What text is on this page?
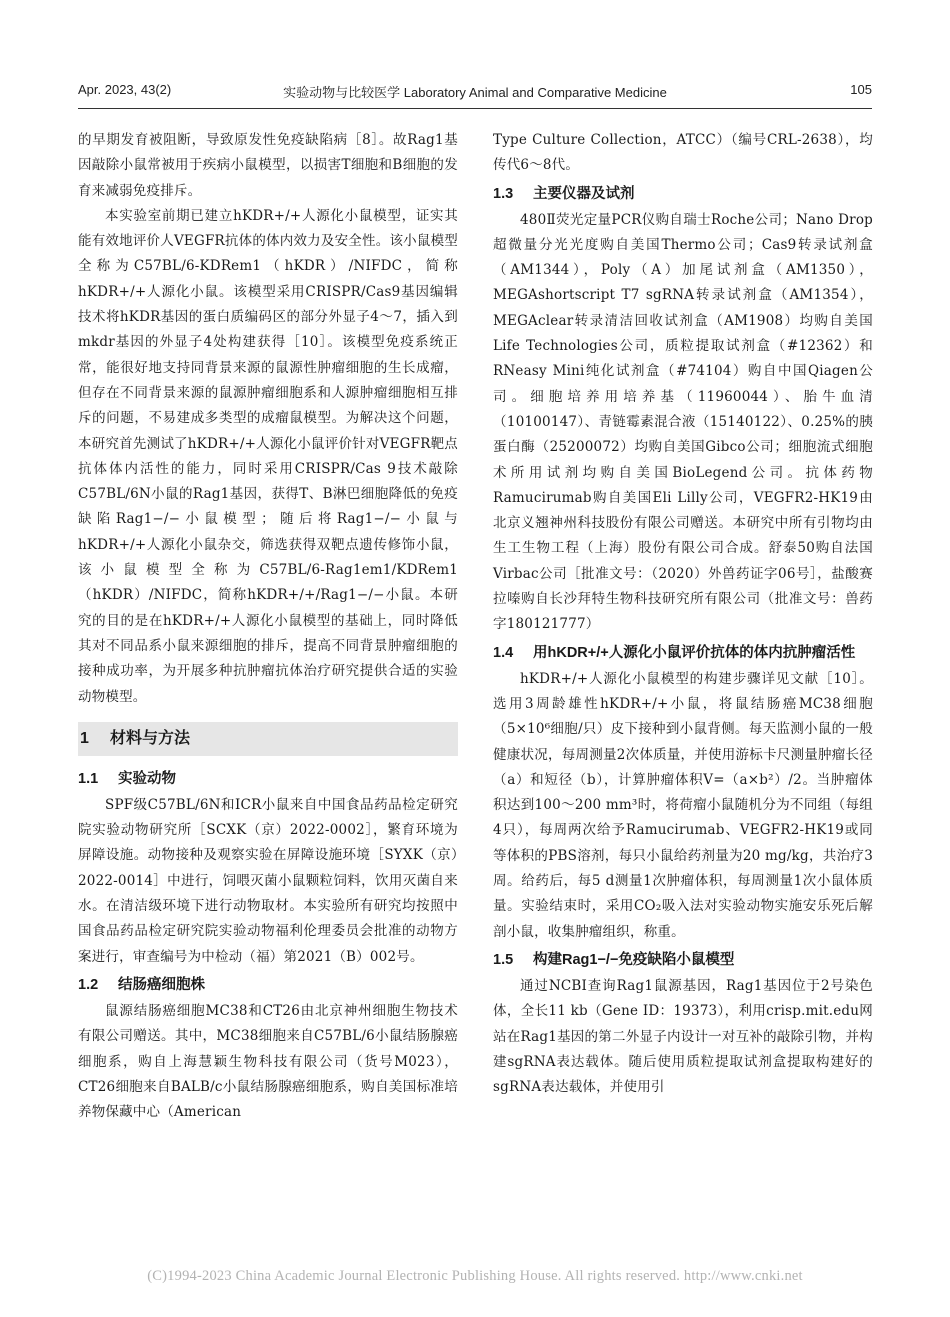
Apr. 2023, 43(2)	实验动物与比较医学 Laboratory Animal and Comparative Medicine	105

的早期发育被阻断，导致原发性免疫缺陷病［8］。故Rag1基因敲除小鼠常被用于疾病小鼠模型，以损害T细胞和B细胞的发育来减弱免疫排斥。

本实验室前期已建立hKDR+/+人源化小鼠模型，证实其能有效地评价人VEGFR抗体的体内效力及安全性。该小鼠模型全称为C57BL/6-KDRem1（hKDR）/NIFDC，简称hKDR+/+人源化小鼠。该模型采用CRISPR/Cas9基因编辑技术将hKDR基因的蛋白质编码区的部分外显子4～7，插入到mkdr基因的外显子4处构建获得［10］。该模型免疫系统正常，能很好地支持同背景来源的鼠源性肿瘤细胞的生长成瘤，但存在不同背景来源的鼠源肿瘤细胞系和人源肿瘤细胞相互排斥的问题，不易建成多类型的成瘤鼠模型。为解决这个问题，本研究首先测试了hKDR+/+人源化小鼠评价针对VEGFR靶点抗体体内活性的能力，同时采用CRISPR/Cas 9技术敲除C57BL/6N小鼠的Rag1基因，获得T、B淋巴细胞降低的免疫缺陷Rag1−/−小鼠模型；随后将Rag1−/−小鼠与hKDR+/+人源化小鼠杂交，筛选获得双靶点遗传修饰小鼠，该小鼠模型全称为C57BL/6-Rag1em1/KDRem1（hKDR）/NIFDC，简称hKDR+/+/Rag1−/−小鼠。本研究的目的是在hKDR+/+人源化小鼠模型的基础上，同时降低其对不同品系小鼠来源细胞的排斥，提高不同背景肿瘤细胞的接种成功率，为开展多种抗肿瘤抗体治疗研究提供合适的实验动物模型。

1 材料与方法
1.1 实验动物

SPF级C57BL/6N和ICR小鼠来自中国食品药品检定研究院实验动物研究所［SCXK（京）2022-0002］，繁育环境为屏障设施。动物接种及观察实验在屏障设施环境［SYXK（京）2022-0014］中进行，饲喂灭菌小鼠颗粒饲料，饮用灭菌自来水。在清洁级环境下进行动物取材。本实验所有研究均按照中国食品药品检定研究院实验动物福利伦理委员会批准的动物方案进行，审查编号为中检动（福）第2021（B）002号。

1.2 结肠癌细胞株

鼠源结肠癌细胞MC38和CT26由北京神州细胞生物技术有限公司赠送。其中，MC38细胞来自C57BL/6小鼠结肠腺癌细胞系，购自上海慧颖生物科技有限公司（货号M023），CT26细胞来自BALB/c小鼠结肠腺癌细胞系，购自美国标准培养物保藏中心（American

Type Culture Collection，ATCC）（编号CRL-2638），均传代6～8代。

1.3 主要仪器及试剂

480Ⅱ荧光定量PCR仪购自瑞士Roche公司；Nano Drop超微量分光光度购自美国Thermo公司；Cas9转录试剂盒（AM1344），Poly（A）加尾试剂盒（AM1350），MEGAshortscript T7 sgRNA转录试剂盒（AM1354），MEGAclear转录清洁回收试剂盒（AM1908）均购自美国Life Technologies公司，质粒提取试剂盒（#12362）和RNeasy Mini纯化试剂盒（#74104）购自中国Qiagen公司。细胞培养用培养基（11960044）、胎牛血清（10100147）、青链霉素混合液（15140122）、0.25%的胰蛋白酶（25200072）均购自美国Gibco公司；细胞流式细胞术所用试剂均购自美国BioLegend公司。抗体药物Ramucirumab购自美国Eli Lilly公司，VEGFR2-HK19由北京义翘神州科技股份有限公司赠送。本研究中所有引物均由生工生物工程（上海）股份有限公司合成。舒泰50购自法国Virbac公司［批准文号：（2020）外兽药证字06号］，盐酸赛拉嗪购自长沙拜特生物科技研究所有限公司（批准文号：兽药字180121777）

1.4 用hKDR+/+人源化小鼠评价抗体的体内抗肿瘤活性

hKDR+/+人源化小鼠模型的构建步骤详见文献［10］。选用3周龄雄性hKDR+/+小鼠，将鼠结肠癌MC38细胞（5×10⁶细胞/只）皮下接种到小鼠背侧。每天监测小鼠的一般健康状况，每周测量2次体质量，并使用游标卡尺测量肿瘤长径（a）和短径（b），计算肿瘤体积V=（a×b²）/2。当肿瘤体积达到100～200 mm³时，将荷瘤小鼠随机分为不同组（每组4只），每周两次给予Ramucirumab、VEGFR2-HK19或同等体积的PBS溶剂，每只小鼠给药剂量为20 mg/kg，共治疗3周。给药后，每5 d测量1次肿瘤体积，每周测量1次小鼠体质量。实验结束时，采用CO₂吸入法对实验动物实施安乐死后解剖小鼠，收集肿瘤组织，称重。

1.5 构建Rag1−/−免疫缺陷小鼠模型

通过NCBI查询Rag1鼠源基因，Rag1基因位于2号染色体，全长11 kb（Gene ID：19373），利用crisp.mit.edu网站在Rag1基因的第二外显子内设计一对互补的敲除引物，并构建sgRNA表达载体。随后使用质粒提取试剂盒提取构建好的sgRNA表达载体，并使用引

(C)1994-2023 China Academic Journal Electronic Publishing House. All rights reserved. http://www.cnki.net
